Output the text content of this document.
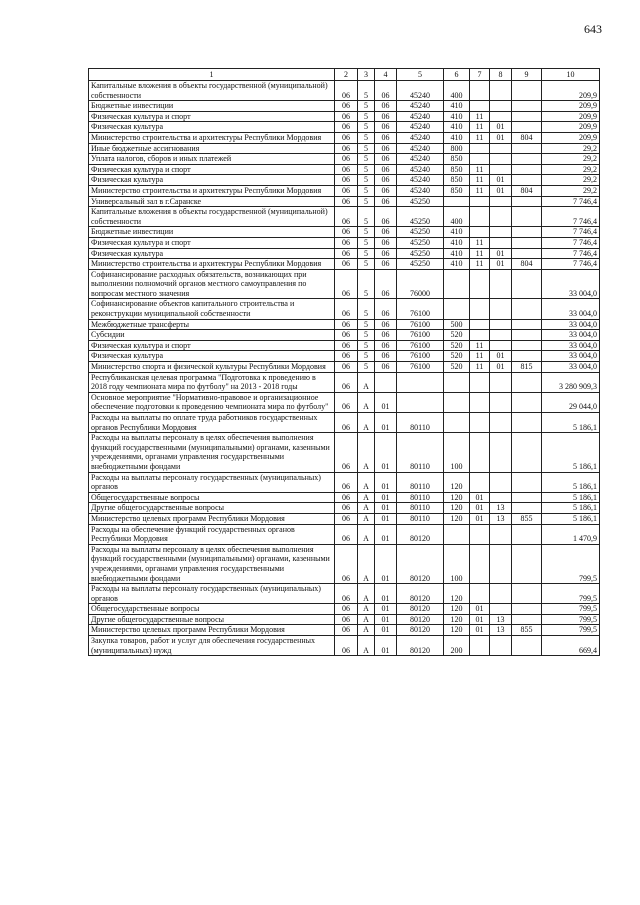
643
1	2	3	4	5	6	7	8	9	10
Капитальные вложения в объекты государственной (муниципальной) собственности	06	5	06	45240	400				209,9
Бюджетные инвестиции	06	5	06	45240	410				209,9
Физическая культура и спорт	06	5	06	45240	410	11			209,9
Физическая культура	06	5	06	45240	410	11	01		209,9
Министерство строительства и архитектуры Республики Мордовия	06	5	06	45240	410	11	01	804	209,9
Иные бюджетные ассигнования	06	5	06	45240	800				29,2
Уплата налогов, сборов и иных платежей	06	5	06	45240	850				29,2
Физическая культура и спорт	06	5	06	45240	850	11			29,2
Физическая культура	06	5	06	45240	850	11	01		29,2
Министерство строительства и архитектуры Республики Мордовия	06	5	06	45240	850	11	01	804	29,2
Универсальный зал в г.Саранске	06	5	06	45250					7 746,4
Капитальные вложения в объекты государственной (муниципальной) собственности	06	5	06	45250	400				7 746,4
Бюджетные инвестиции	06	5	06	45250	410				7 746,4
Физическая культура и спорт	06	5	06	45250	410	11			7 746,4
Физическая культура	06	5	06	45250	410	11	01		7 746,4
Министерство строительства и архитектуры Республики Мордовия	06	5	06	45250	410	11	01	804	7 746,4
Софинансирование расходных обязательств, возникающих при выполнении полномочий органов местного самоуправления по вопросам местного значения	06	5	06	76000					33 004,0
Софинансирование объектов капитального строительства и реконструкции муниципальной собственности	06	5	06	76100					33 004,0
Межбюджетные трансферты	06	5	06	76100	500				33 004,0
Субсидии	06	5	06	76100	520				33 004,0
Физическая культура и спорт	06	5	06	76100	520	11			33 004,0
Физическая культура	06	5	06	76100	520	11	01		33 004,0
Министерство спорта и физической культуры Республики Мордовия	06	5	06	76100	520	11	01	815	33 004,0
Республиканская целевая программа "Подготовка к проведению в 2018 году чемпионата мира по футболу" на 2013 - 2018 годы	06	А							3 280 909,3
Основное мероприятие "Нормативно-правовое и организационное обеспечение подготовки к проведению чемпионата мира по футболу"	06	А	01						29 044,0
Расходы на выплаты по оплате труда работников государственных органов Республики Мордовия	06	А	01	80110					5 186,1
Расходы на выплаты персоналу в целях обеспечения выполнения функций государственными (муниципальными) органами, казенными учреждениями, органами управления государственными внебюджетными фондами	06	А	01	80110	100				5 186,1
Расходы на выплаты персоналу государственных (муниципальных) органов	06	А	01	80110	120				5 186,1
Общегосударственные вопросы	06	А	01	80110	120	01			5 186,1
Другие общегосударственные вопросы	06	А	01	80110	120	01	13		5 186,1
Министерство целевых программ Республики Мордовия	06	А	01	80110	120	01	13	855	5 186,1
Расходы на обеспечение функций государственных органов Республики Мордовия	06	А	01	80120					1 470,9
Расходы на выплаты персоналу в целях обеспечения выполнения функций государственными (муниципальными) органами, казенными учреждениями, органами управления государственными внебюджетными фондами	06	А	01	80120	100				799,5
Расходы на выплаты персоналу государственных (муниципальных) органов	06	А	01	80120	120				799,5
Общегосударственные вопросы	06	А	01	80120	120	01			799,5
Другие общегосударственные вопросы	06	А	01	80120	120	01	13		799,5
Министерство целевых программ Республики Мордовия	06	А	01	80120	120	01	13	855	799,5
Закупка товаров, работ и услуг для обеспечения государственных (муниципальных) нужд	06	А	01	80120	200				669,4
